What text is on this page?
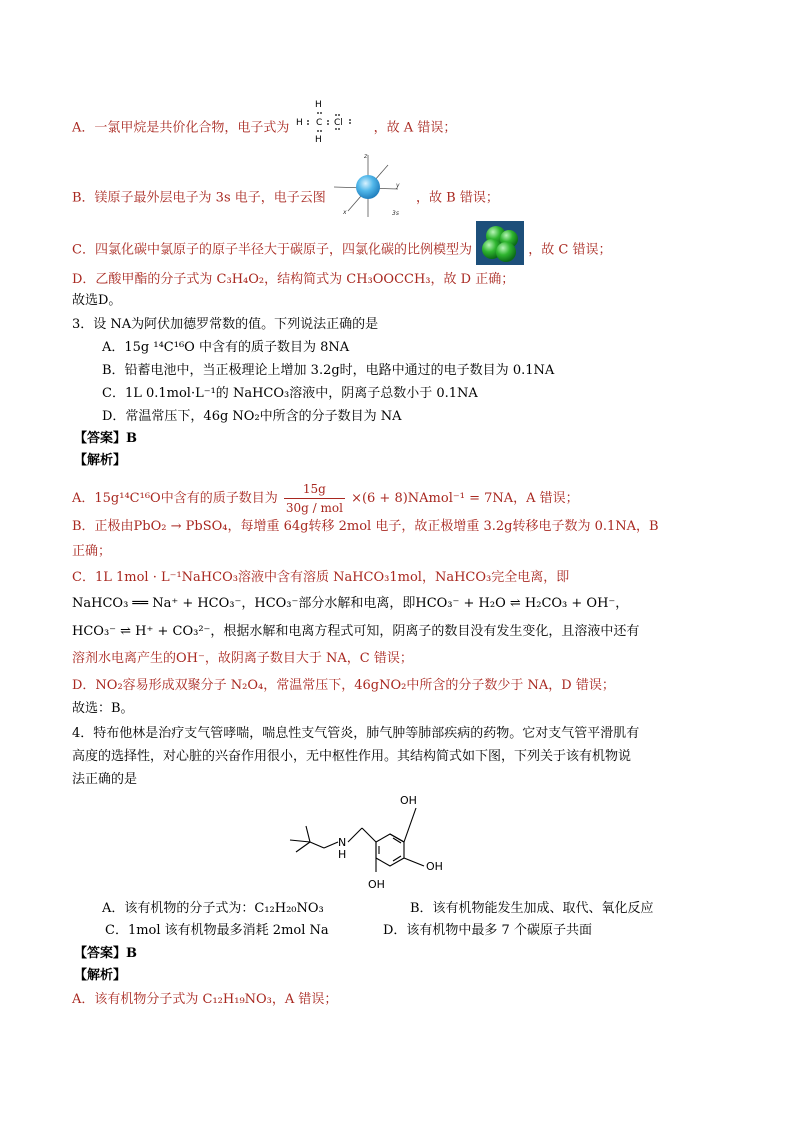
A．一氯甲烷是共价化合物，电子式为
H
H C Cl
H
，故 A 错误；
B．镁原子最外层电子为 3s 电子，电子云图
z
y
x	3s
，故 B 错误；
C．四氯化碳中氯原子的原子半径大于碳原子，四氯化碳的比例模型为	，故 C 错误；
D．乙酸甲酯的分子式为 C₃H₄O₂，结构简式为 CH₃OOCCH₃，故 D 正确；
故选D。
3．设 NA为阿伏加德罗常数的值。下列说法正确的是
A．15g ¹⁴C¹⁶O 中含有的质子数目为 8NA
B．铅蓄电池中，当正极理论上增加 3.2g时，电路中通过的电子数目为 0.1NA
C．1L 0.1mol·L⁻¹的 NaHCO₃溶液中，阴离子总数小于 0.1NA
D．常温常压下，46g NO₂中所含的分子数目为 NA
【答案】B
【解析】
A．15g¹⁴C¹⁶O中含有的质子数目为 $\frac{15g}{\text{30g / mol}} \times(6$ + 8)NAmol⁻¹ = 7NA，A 错误；
B．正极由PbO₂ → PbSO₄，每增重 64g转移 2mol 电子，故正极增重 3.2g转移电子数为 0.1NA，B
正确；
C．1L 1mol · L⁻¹NaHCO₃溶液中含有溶质 NaHCO₃1mol，NaHCO₃完全电离，即
NaHCO₃ ══ Na⁺ + HCO₃⁻，HCO₃⁻部分水解和电离，即HCO₃⁻ + H₂O ⇌ H₂CO₃ + OH⁻，
HCO₃⁻ ⇌ H⁺ + CO₃²⁻，根据水解和电离方程式可知，阴离子的数目没有发生变化，且溶液中还有
溶剂水电离产生的OH⁻，故阴离子数目大于 NA，C 错误；
D．NO₂容易形成双聚分子 N₂O₄，常温常压下，46gNO₂中所含的分子数少于 NA，D 错误；
故选：B。
4．特布他林是治疗支气管哮喘，喘息性支气管炎，肺气肿等肺部疾病的药物。它对支气管平滑肌有
高度的选择性，对心脏的兴奋作用很小，无中枢性作用。其结构简式如下图，下列关于该有机物说
法正确的是
OH
OH
OH
N
H
A．该有机物的分子式为：C₁₂H₂₀NO₃	B．该有机物能发生加成、取代、氧化反应
C．1mol 该有机物最多消耗 2mol Na	D．该有机物中最多 7 个碳原子共面
【答案】B
【解析】
A．该有机物分子式为 C₁₂H₁₉NO₃，A 错误；
